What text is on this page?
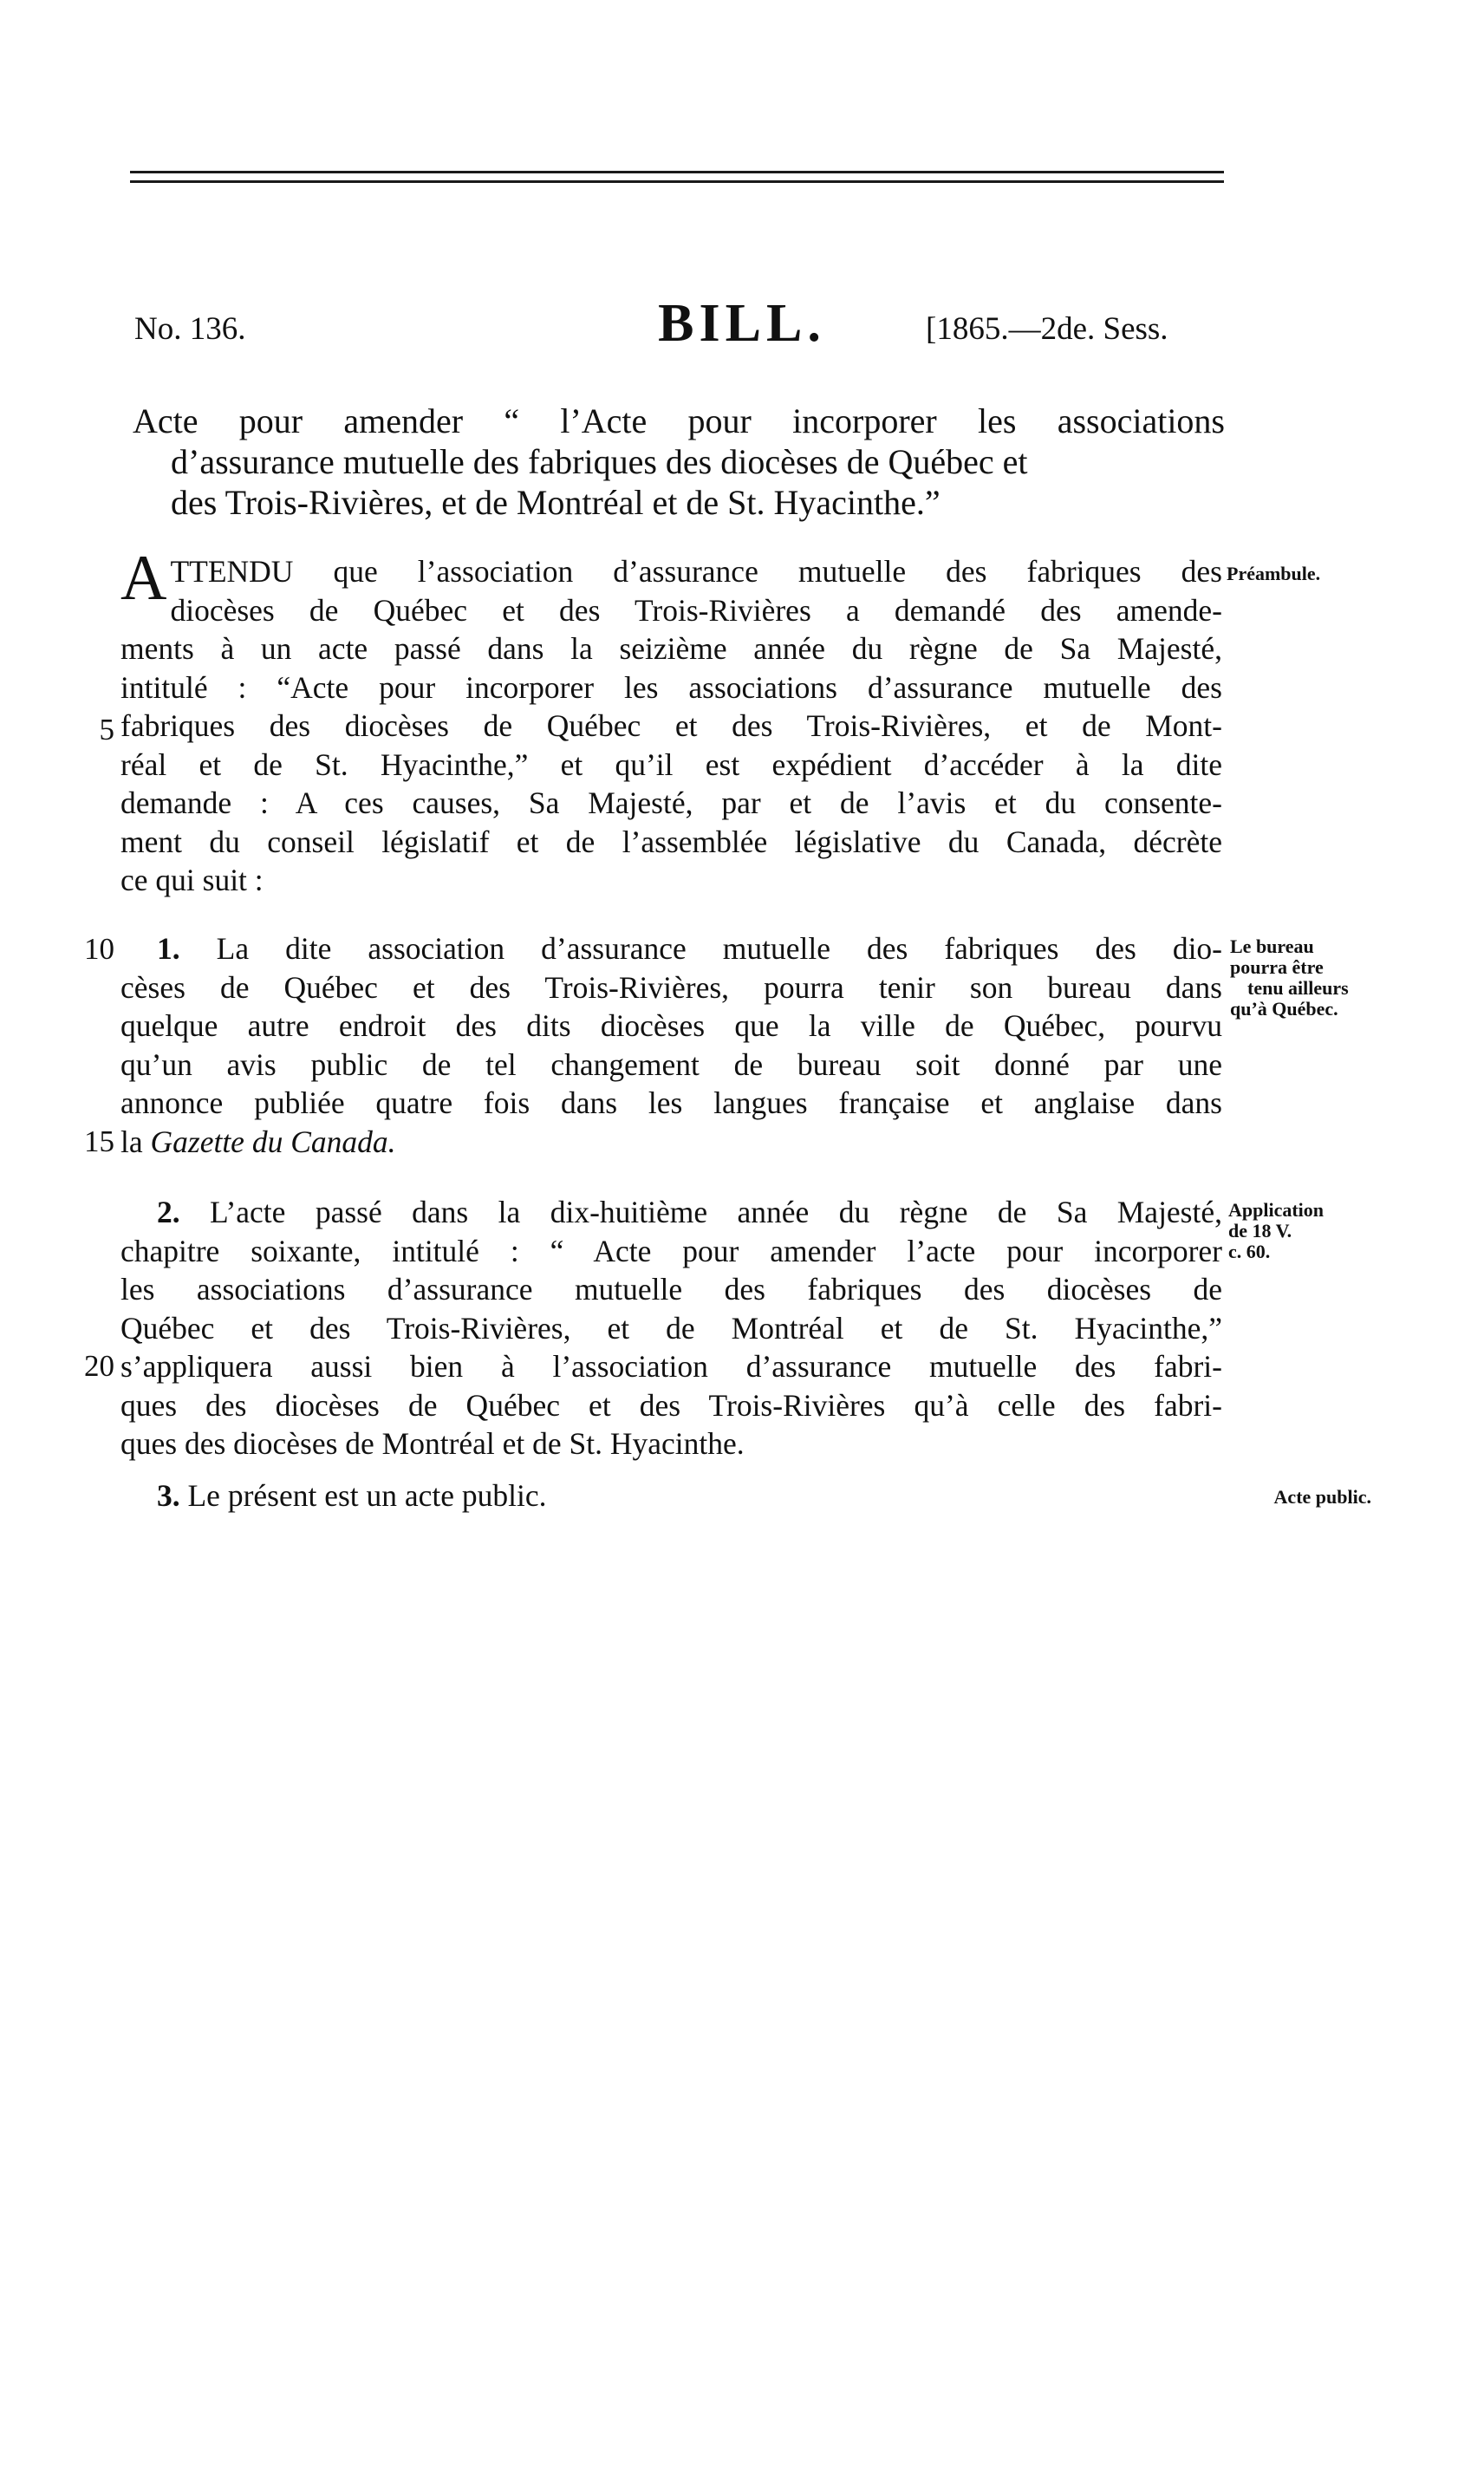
No. 136.	BILL.	[1865.—2de. Sess.
Acte pour amender “ l’Acte pour incorporer les associations
d’assurance mutuelle des fabriques des diocèses de Québec et
des Trois-Rivières, et de Montréal et de St. Hyacinthe.”
Préambule.
A TTENDU que l’association d’assurance mutuelle des fabriques des
diocèses de Québec et des Trois-Rivières a demandé des amende-
ments à un acte passé dans la seizième année du règne de Sa Majesté,
intitulé : “Acte pour incorporer les associations d’assurance mutuelle des
fabriques des diocèses de Québec et des Trois-Rivières, et de Mont-
réal et de St. Hyacinthe,” et qu’il est expédient d’accéder à la dite
demande : A ces causes, Sa Majesté, par et de l’avis et du consente-
ment du conseil législatif et de l’assemblée législative du Canada, décrète
ce qui suit :
5
Le bureau
pourra être
tenu ailleurs
qu’à Québec.
10	1. La dite association d’assurance mutuelle des fabriques des dio-
cèses de Québec et des Trois-Rivières, pourra tenir son bureau dans
quelque autre endroit des dits diocèses que la ville de Québec, pourvu
qu’un avis public de tel changement de bureau soit donné par une
annonce publiée quatre fois dans les langues française et anglaise dans
la Gazette du Canada.
15
Application
de 18 V.
c. 60.
2. L’acte passé dans la dix-huitième année du règne de Sa Majesté,
chapitre soixante, intitulé : “ Acte pour amender l’acte pour incorporer
les associations d’assurance mutuelle des fabriques des diocèses de
Québec et des Trois-Rivières, et de Montréal et de St. Hyacinthe,”
s’appliquera aussi bien à l’association d’assurance mutuelle des fabri-
ques des diocèses de Québec et des Trois-Rivières qu’à celle des fabri-
ques des diocèses de Montréal et de St. Hyacinthe.
20
3. Le présent est un acte public.	Acte public.
